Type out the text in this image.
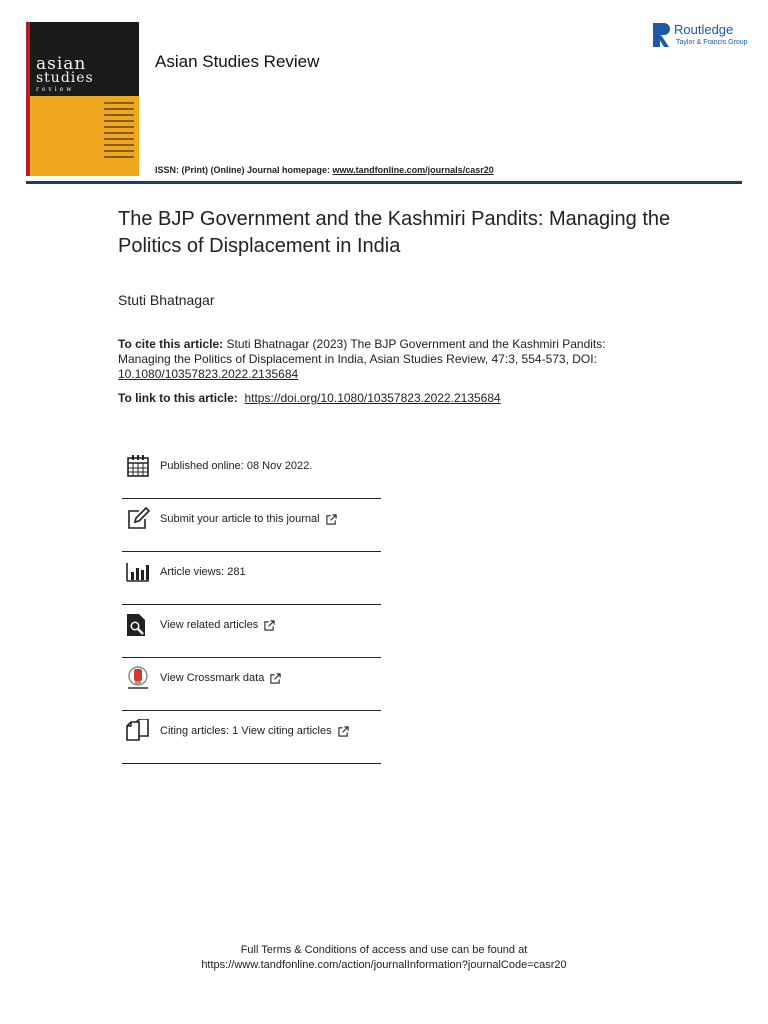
asian
studies
review
Asian Studies Review
Routledge
Taylor & Francis Group
ISSN: (Print) (Online) Journal homepage: www.tandfonline.com/journals/casr20
The BJP Government and the Kashmiri Pandits: Managing the Politics of Displacement in India
Stuti Bhatnagar
To cite this article: Stuti Bhatnagar (2023) The BJP Government and the Kashmiri Pandits: Managing the Politics of Displacement in India, Asian Studies Review, 47:3, 554-573, DOI: 10.1080/10357823.2022.2135684
To link to this article: https://doi.org/10.1080/10357823.2022.2135684
Published online: 08 Nov 2022.
Submit your article to this journal
Article views: 281
View related articles
View Crossmark data
Citing articles: 1 View citing articles
Full Terms & Conditions of access and use can be found at
https://www.tandfonline.com/action/journalInformation?journalCode=casr20
